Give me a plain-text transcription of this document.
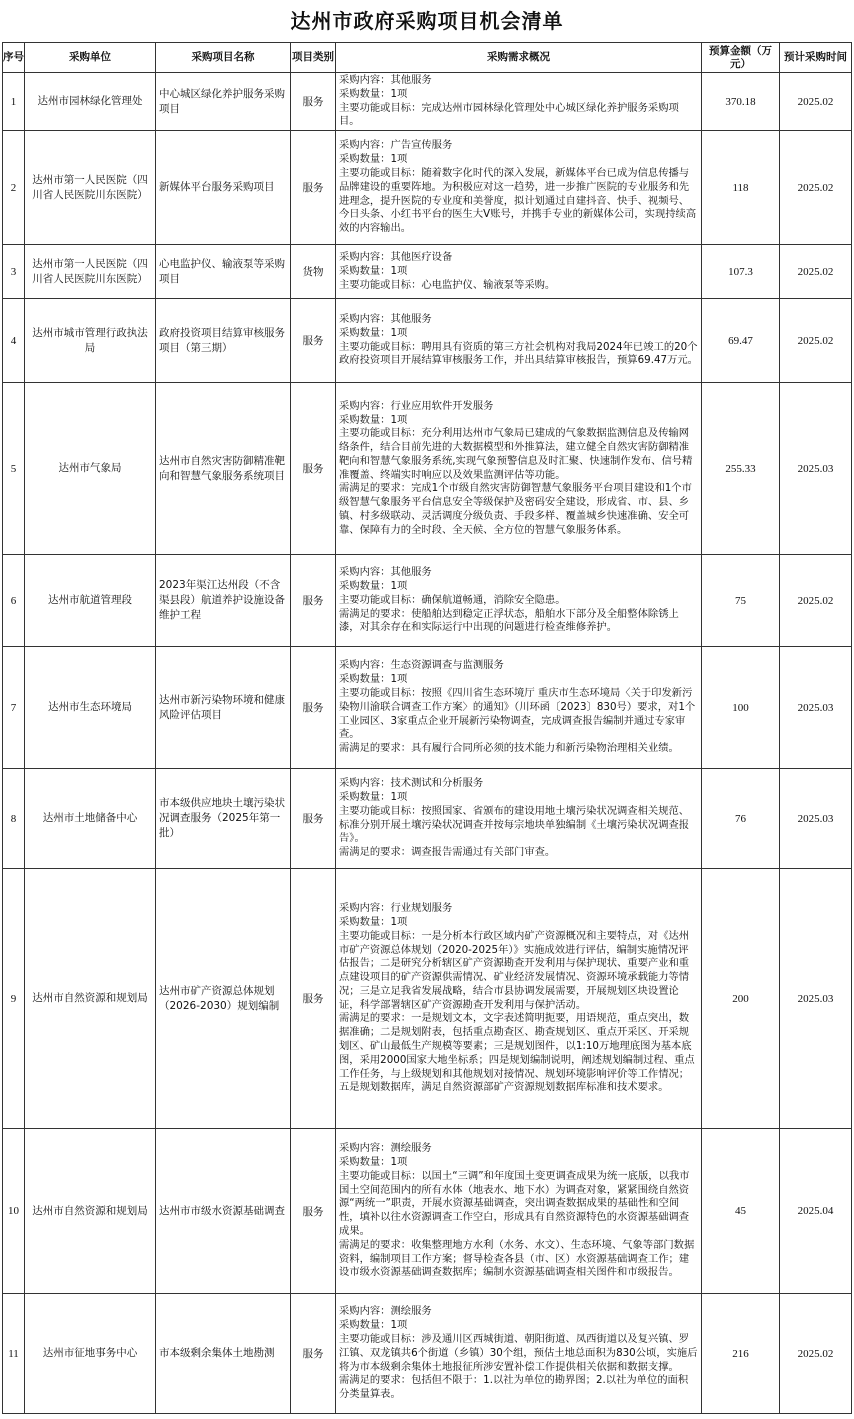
达州市政府采购项目机会清单
序号	采购单位	采购项目名称	项目类别	采购需求概况	预算金额（万元）	预计采购时间
1	达州市园林绿化管理处	中心城区绿化养护服务采购项目	服务	采购内容：其他服务
采购数量：1项
主要功能或目标：完成达州市园林绿化管理处中心城区绿化养护服务采购项目。	370.18	2025.02
2	达州市第一人民医院（四川省人民医院川东医院）	新媒体平台服务采购项目	服务	采购内容：广告宣传服务
采购数量：1项
主要功能或目标：随着数字化时代的深入发展，新媒体平台已成为信息传播与品牌建设的重要阵地。为积极应对这一趋势，进一步推广医院的专业服务和先进理念，提升医院的专业度和美誉度，拟计划通过自建抖音、快手、视频号、今日头条、小红书平台的医生大V账号，并携手专业的新媒体公司，实现持续高效的内容输出。	118	2025.02
3	达州市第一人民医院（四川省人民医院川东医院）	心电监护仪、输液泵等采购项目	货物	采购内容：其他医疗设备
采购数量：1项
主要功能或目标：心电监护仪、输液泵等采购。	107.3	2025.02
4	达州市城市管理行政执法局	政府投资项目结算审核服务项目（第三期）	服务	采购内容：其他服务
采购数量：1项
主要功能或目标：聘用具有资质的第三方社会机构对我局2024年已竣工的20个政府投资项目开展结算审核服务工作，并出具结算审核报告，预算69.47万元。	69.47	2025.02
5	达州市气象局	达州市自然灾害防御精准靶向和智慧气象服务系统项目	服务	采购内容：行业应用软件开发服务
采购数量：1项
主要功能或目标：充分利用达州市气象局已建成的气象数据监测信息及传输网络条件，结合目前先进的大数据模型和外推算法，建立健全自然灾害防御精准靶向和智慧气象服务系统,实现气象预警信息及时汇聚、快速制作发布、信号精准覆盖、终端实时响应以及效果监测评估等功能。
需满足的要求：完成1个市级自然灾害防御智慧气象服务平台项目建设和1个市级智慧气象服务平台信息安全等级保护及密码安全建设，形成省、市、县、乡镇、村多级联动、灵活调度分级负责、手段多样、覆盖城乡快速准确、安全可靠、保障有力的全时段、全天候、全方位的智慧气象服务体系。	255.33	2025.03
6	达州市航道管理段	2023年渠江达州段（不含渠县段）航道养护设施设备维护工程	服务	采购内容：其他服务
采购数量：1项
主要功能或目标：确保航道畅通，消除安全隐患。
需满足的要求：使船舶达到稳定正浮状态，船舶水下部分及全船整体除锈上漆，对其余存在和实际运行中出现的问题进行检查维修养护。	75	2025.02
7	达州市生态环境局	达州市新污染物环境和健康风险评估项目	服务	采购内容：生态资源调查与监测服务
采购数量：1项
主要功能或目标：按照《四川省生态环境厅 重庆市生态环境局〈关于印发新污染物川渝联合调查工作方案〉的通知》（川环函〔2023〕830号）要求，对1个工业园区、3家重点企业开展新污染物调查，完成调查报告编制并通过专家审查。
需满足的要求：具有履行合同所必须的技术能力和新污染物治理相关业绩。	100	2025.03
8	达州市土地储备中心	市本级供应地块土壤污染状况调查服务（2025年第一批）	服务	采购内容：技术测试和分析服务
采购数量：1项
主要功能或目标：按照国家、省颁布的建设用地土壤污染状况调查相关规范、标准分别开展土壤污染状况调查并按每宗地块单独编制《土壤污染状况调查报告》。
需满足的要求：调查报告需通过有关部门审查。	76	2025.03
9	达州市自然资源和规划局	达州市矿产资源总体规划（2026-2030）规划编制	服务	采购内容：行业规划服务
采购数量：1项
主要功能或目标：一是分析本行政区域内矿产资源概况和主要特点，对《达州市矿产资源总体规划（2020-2025年）》实施成效进行评估，编制实施情况评估报告；二是研究分析辖区矿产资源勘查开发利用与保护现状、重要产业和重点建设项目的矿产资源供需情况、矿业经济发展情况、资源环境承载能力等情况；三是立足我省发展战略，结合市县协调发展需要，开展规划区块设置论证，科学部署辖区矿产资源勘查开发利用与保护活动。
需满足的要求：一是规划文本，文字表述简明扼要，用语规范，重点突出，数据准确；二是规划附表，包括重点勘查区、勘查规划区、重点开采区、开采规划区、矿山最低生产规模等要素；三是规划图件，以1:10万地理底图为基本底图，采用2000国家大地坐标系；四是规划编制说明，阐述规划编制过程、重点工作任务，与上级规划和其他规划对接情况、规划环境影响评价等工作情况；五是规划数据库，满足自然资源部矿产资源规划数据库标准和技术要求。	200	2025.03
10	达州市自然资源和规划局	达州市市级水资源基础调查	服务	采购内容：测绘服务
采购数量：1项
主要功能或目标：以国土“三调”和年度国土变更调查成果为统一底版，以我市国土空间范围内的所有水体（地表水、地下水）为调查对象，紧紧围绕自然资源“两统一”职责，开展水资源基础调查，突出调查数据成果的基础性和空间性，填补以往水资源调查工作空白，形成具有自然资源特色的水资源基础调查成果。
需满足的要求：收集整理地方水利（水务、水文）、生态环境、气象等部门数据资料，编制项目工作方案；督导检查各县（市、区）水资源基础调查工作；建设市级水资源基础调查数据库；编制水资源基础调查相关图件和市级报告。	45	2025.04
11	达州市征地事务中心	市本级剩余集体土地勘测	服务	采购内容：测绘服务
采购数量：1项
主要功能或目标：涉及通川区西城街道、朝阳街道、凤西街道以及复兴镇、罗江镇、双龙镇共6个街道（乡镇）30个组，预估土地总面积为830公顷，实施后将为市本级剩余集体土地报征所涉安置补偿工作提供相关依据和数据支撑。
需满足的要求：包括但不限于：1.以社为单位的勘界图；2.以社为单位的面积分类量算表。	216	2025.02
